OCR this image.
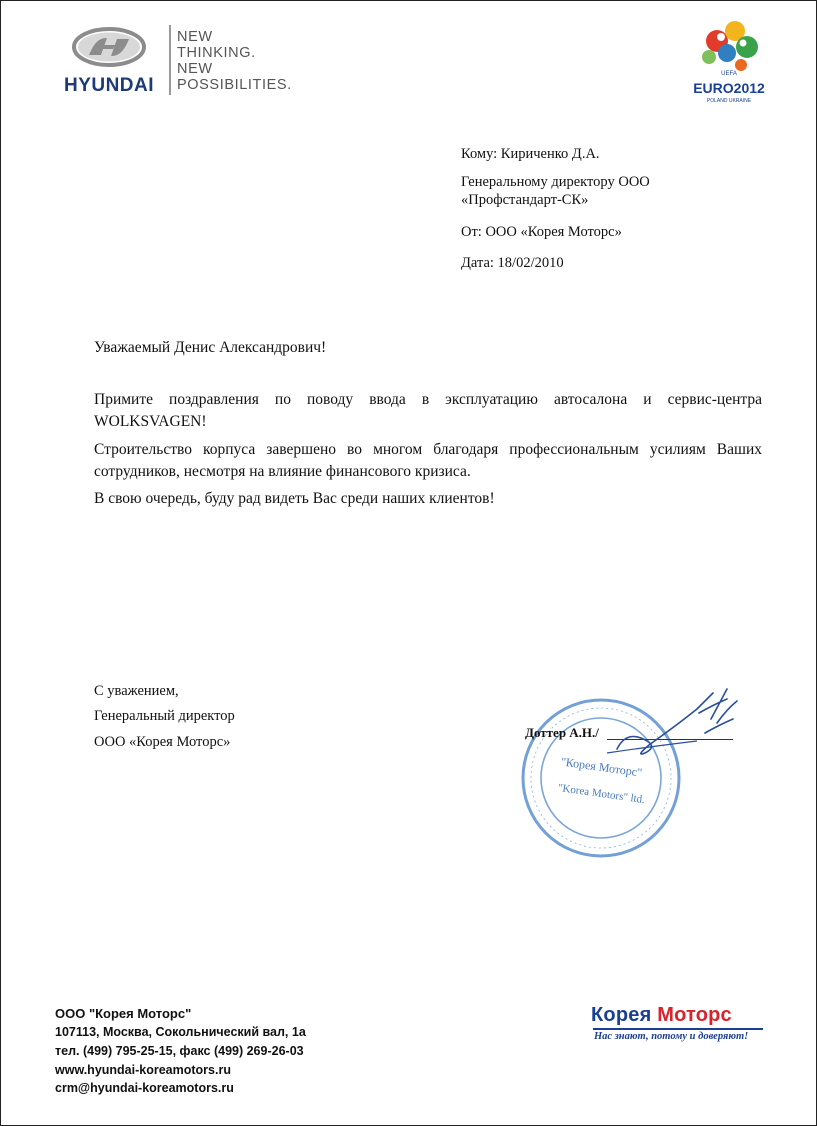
HYUNDAI
NEW
THINKING.
NEW
POSSIBILITIES.
UEFA
EURO2012
POLAND UKRAINE
Кому: Кириченко Д.А.
Генеральному директору ООО
«Профстандарт-СК»
От: ООО «Корея Моторс»
Дата: 18/02/2010
Уважаемый Денис Александрович!
Примите поздравления по поводу ввода в эксплуатацию автосалона и сервис-центра WOLKSVAGEN!
Строительство корпуса завершено во многом благодаря профессиональным усилиям Ваших сотрудников, несмотря на влияние финансового кризиса.
В свою очередь, буду рад видеть Вас среди наших клиентов!
С уважением,
Генеральный директор
ООО «Корея Моторс»
"Корея Моторс"
"Korea Motors" ltd.
Доттер А.Н./
ООО "Корея Моторс"
107113, Москва, Сокольнический вал, 1а
тел. (499) 795-25-15, факс (499) 269-26-03
www.hyundai-koreamotors.ru
crm@hyundai-koreamotors.ru
Корея Моторс
Нас знают, потому и доверяют!
